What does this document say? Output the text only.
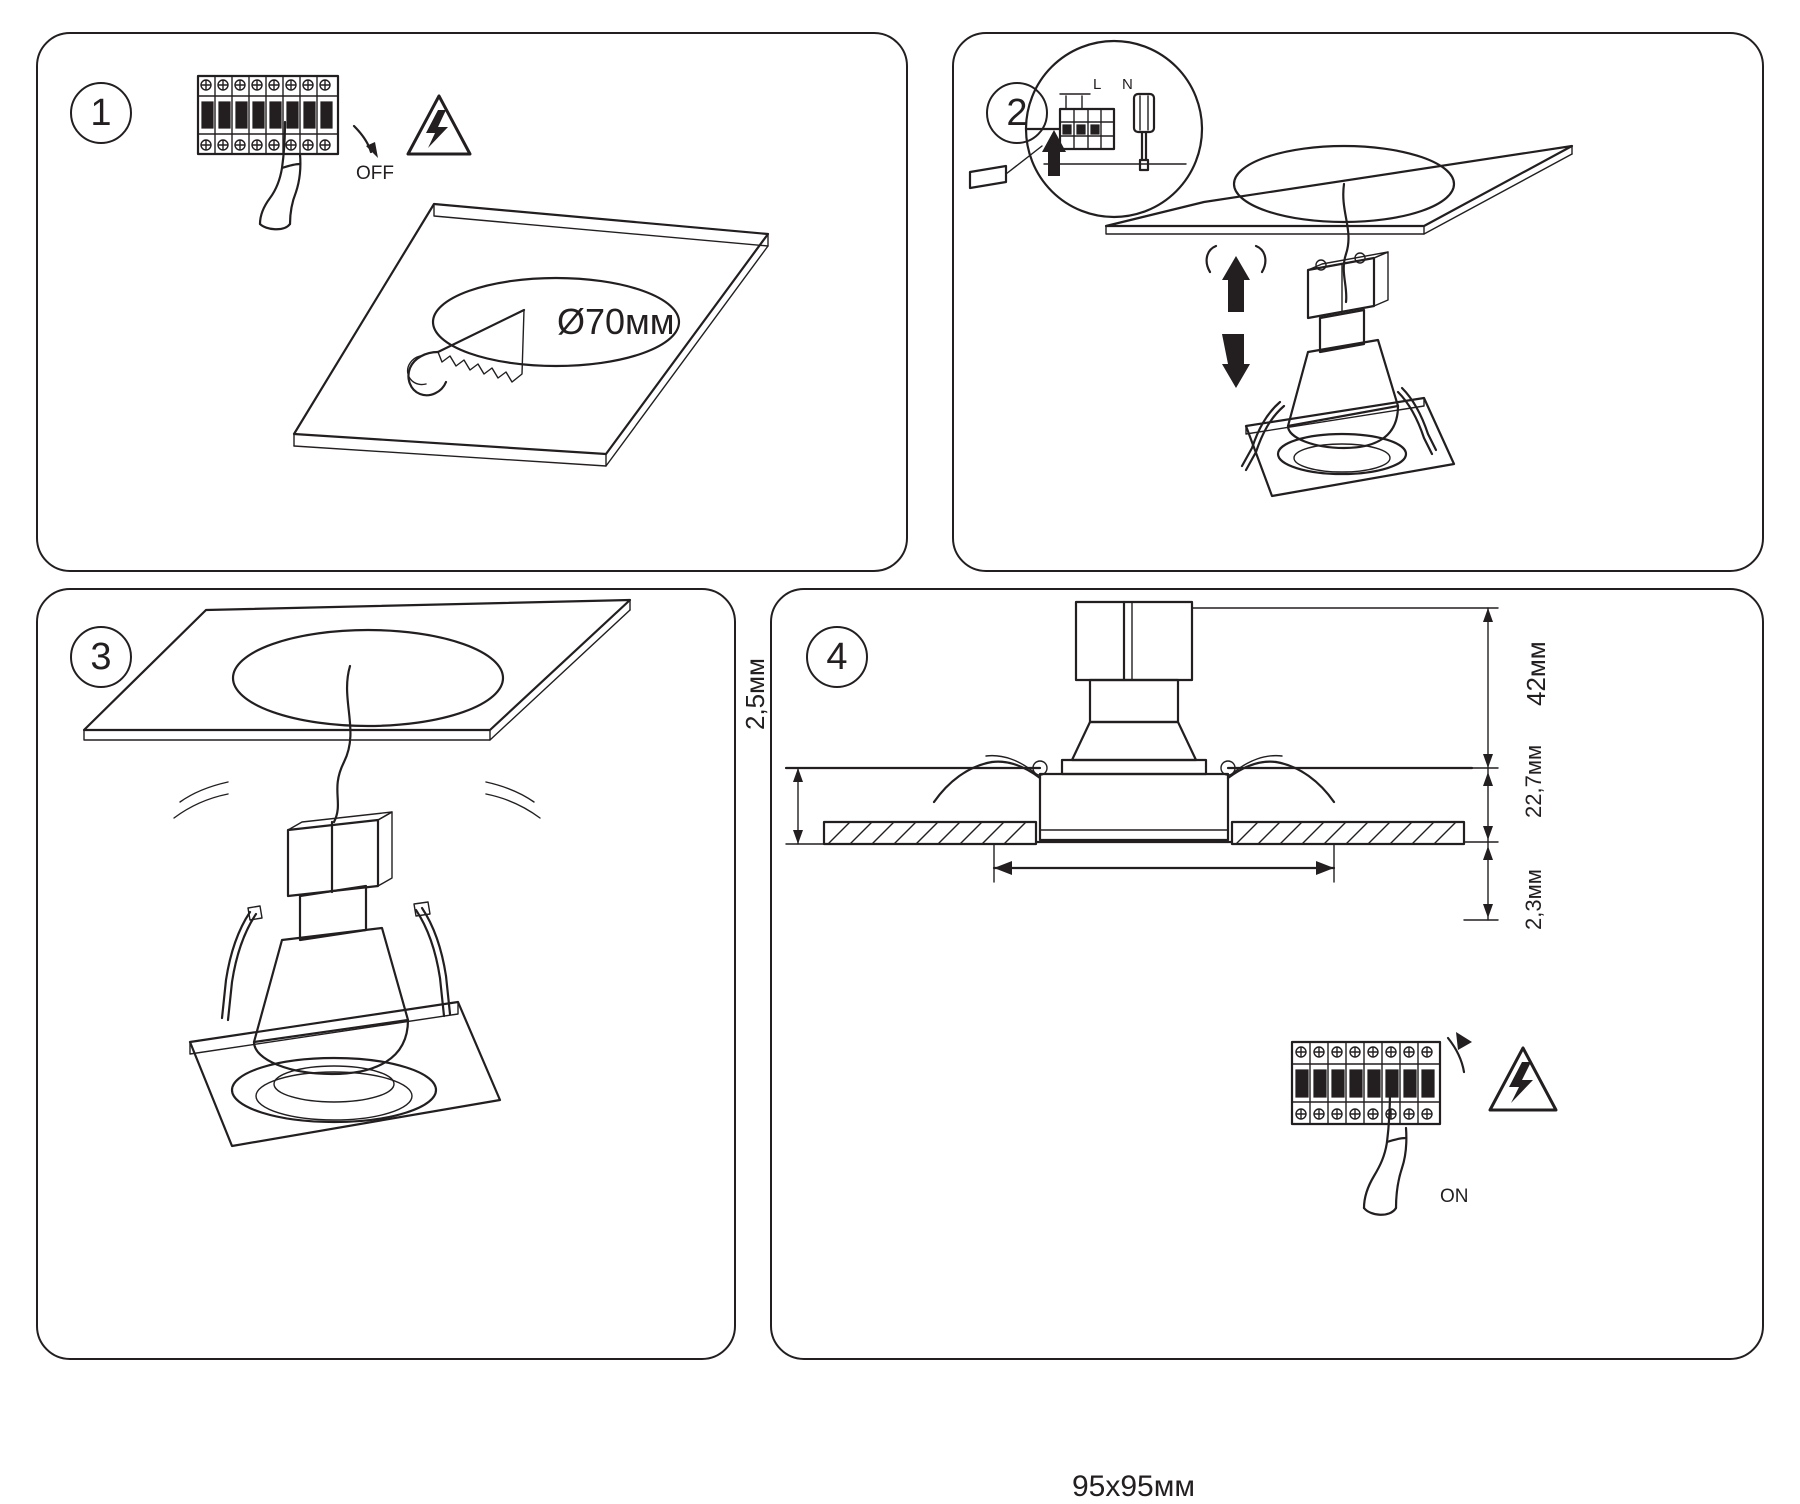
1
OFF
Ø70мм
2
L N
3	4
ON
95x95мм
42мм
22,7мм
2,3мм
2,5мм
